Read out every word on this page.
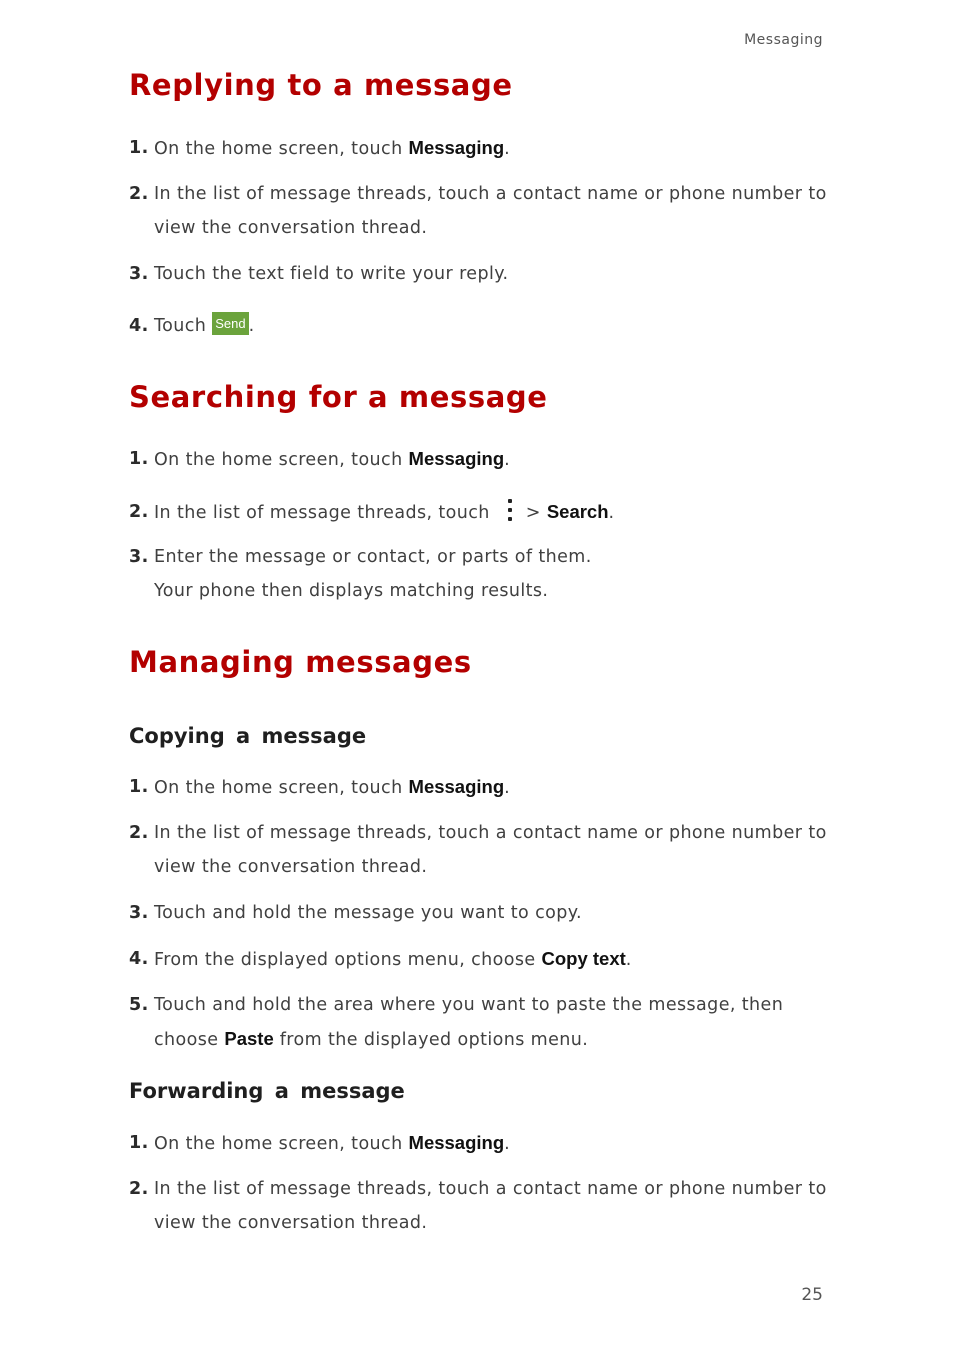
Messaging
Replying to a message
1. On the home screen, touch Messaging.
2. In the list of message threads, touch a contact name or phone number to view the conversation thread.
3. Touch the text field to write your reply.
4. Touch Send .
Searching for a message
1. On the home screen, touch Messaging.
2. In the list of message threads, touch > Search.
3. Enter the message or contact, or parts of them.
Your phone then displays matching results.
Managing messages
Copying a message
1. On the home screen, touch Messaging.
2. In the list of message threads, touch a contact name or phone number to view the conversation thread.
3. Touch and hold the message you want to copy.
4. From the displayed options menu, choose Copy text.
5. Touch and hold the area where you want to paste the message, then choose Paste from the displayed options menu.
Forwarding a message
1. On the home screen, touch Messaging.
2. In the list of message threads, touch a contact name or phone number to view the conversation thread.
25
